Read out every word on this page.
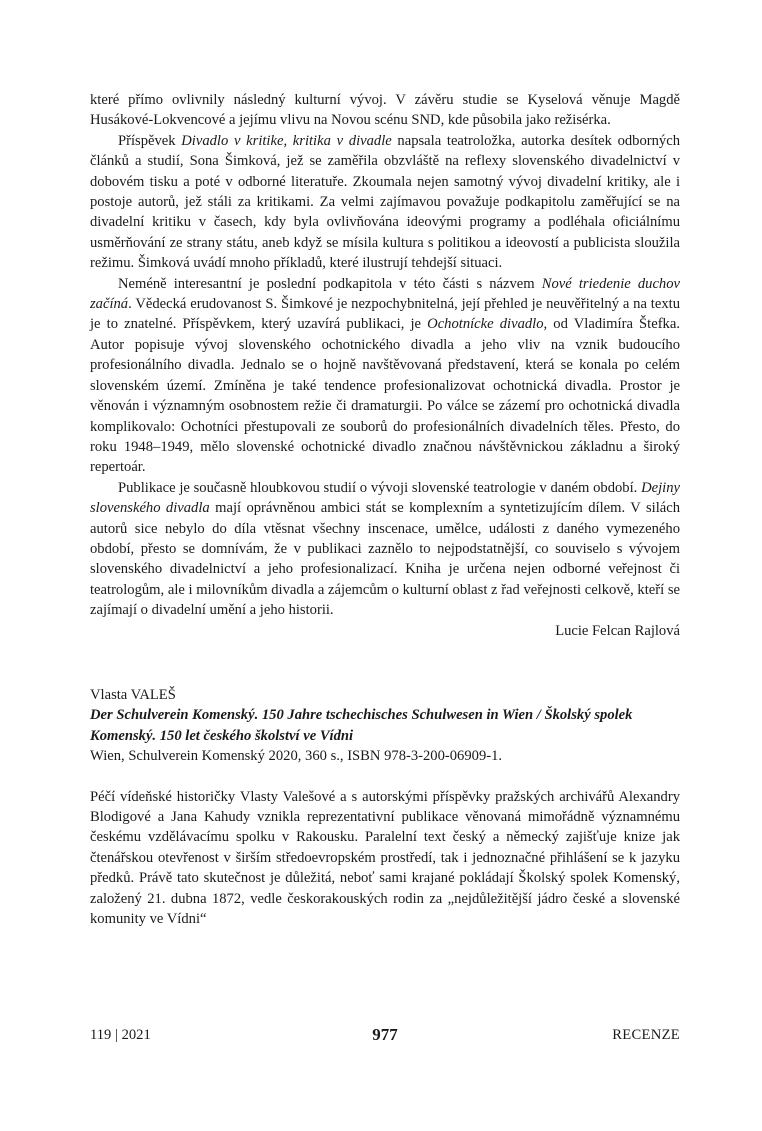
které přímo ovlivnily následný kulturní vývoj. V závěru studie se Kyselová věnuje Magdě Husákové-Lokvencové a jejímu vlivu na Novou scénu SND, kde působila jako režisérka.

Příspěvek Divadlo v kritike, kritika v divadle napsala teatroložka, autorka desítek odborných článků a studií, Sona Šimková, jež se zaměřila obzvláště na reflexy slovenského divadelnictví v dobovém tisku a poté v odborné literatuře. Zkoumala nejen samotný vývoj divadelní kritiky, ale i postoje autorů, jež stáli za kritikami. Za velmi zajímavou považuje podkapitolu zaměřující se na divadelní kritiku v časech, kdy byla ovlivňována ideovými programy a podléhala oficiálnímu usměrňování ze strany státu, aneb když se mísila kultura s politikou a ideovostí a publicista sloužila režimu. Šimková uvádí mnoho příkladů, které ilustrují tehdejší situaci.

Neméně interesantní je poslední podkapitola v této části s názvem Nové triedenie duchov začíná. Vědecká erudovanost S. Šimkové je nezpochybnitelná, její přehled je neuvěřitelný a na textu je to znatelné. Příspěvkem, který uzavírá publikaci, je Ochotnícke divadlo, od Vladimíra Štefka. Autor popisuje vývoj slovenského ochotnického divadla a jeho vliv na vznik budoucího profesionálního divadla. Jednalo se o hojně navštěvovaná představení, která se konala po celém slovenském území. Zmíněna je také tendence profesionalizovat ochotnická divadla. Prostor je věnován i významným osobnostem režie či dramaturgii. Po válce se zázemí pro ochotnická divadla komplikovalo: Ochotníci přestupovali ze souborů do profesionálních divadelních těles. Přesto, do roku 1948–1949, mělo slovenské ochotnické divadlo značnou návštěvnickou základnu a široký repertoár.

Publikace je současně hloubkovou studií o vývoji slovenské teatrologie v daném období. Dejiny slovenského divadla mají oprávněnou ambici stát se komplexním a syntetizujícím dílem. V silách autorů sice nebylo do díla vtěsnat všechny inscenace, umělce, události z daného vymezeného období, přesto se domnívám, že v publikaci zaznělo to nejpodstatnější, co souviselo s vývojem slovenského divadelnictví a jeho profesionalizací. Kniha je určena nejen odborné veřejnost či teatrologům, ale i milovníkům divadla a zájemcům o kulturní oblast z řad veřejnosti celkově, kteří se zajímají o divadelní umění a jeho historii.

Lucie Felcan Rajlová

Vlasta VALEŠ

Der Schulverein Komenský. 150 Jahre tschechisches Schulwesen in Wien / Školský spolek Komenský. 150 let českého školství ve Vídni

Wien, Schulverein Komenský 2020, 360 s., ISBN 978-3-200-06909-1.

Péčí vídeňské historičky Vlasty Valešové a s autorskými příspěvky pražských archivářů Alexandry Blodigové a Jana Kahudy vznikla reprezentativní publikace věnovaná mimořádně významnému českému vzdělávacímu spolku v Rakousku. Paralelní text český a německý zajišťuje knize jak čtenářskou otevřenost v širším středoevropském prostředí, tak i jednoznačné přihlášení se k jazyku předků. Právě tato skutečnost je důležitá, neboť sami krajané pokládají Školský spolek Komenský, založený 21. dubna 1872, vedle českorakouských rodin za „nejdůležitější jádro české a slovenské komunity ve Vídni“

119 | 2021	977	RECENZE
